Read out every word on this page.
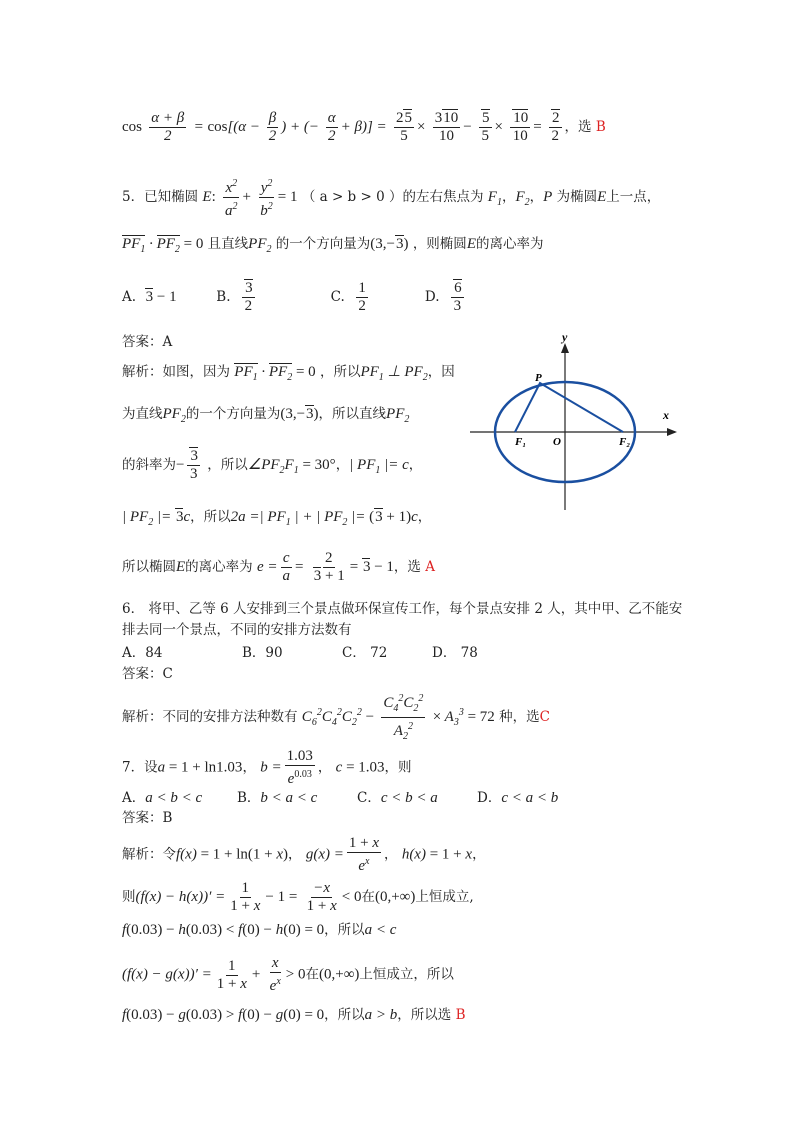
$\cos \frac{\alpha + \beta}{2} = \cos[(\alpha - \frac{\beta}{2}$ ) + (− $\frac{\alpha}{2} + \beta)] = \frac{25}{5} \times \frac{310}{10} - \frac{5}{5} \times \frac{10}{10} = \frac{2}{2}$ ，选 B
5．已知椭圆 E: $\frac{x^2}{a^2} + \frac{y^2}{b^2} = 1$ （ a > b > 0 ）的左右焦点为 $F_1$，$F_2$，P 为椭圆E上一点，
$PF_1 \cdot PF_2 = 0$ 且直线$PF_2$ 的一个方向量为(3,−3) ，则椭圆E的离心率为
A. 3 − 1	B. $\frac{3}{2}$	C. $\frac{1}{2}$	D. $\frac{6}{3}$
答案：A
解析：如图，因为 $PF_1 \cdot PF_2 = 0$ ，所以$PF_1$ ⊥ $PF_2$，因
为直线$PF_2$的一个方向量为(3,−3)，所以直线$PF_2$
的斜率为− $\frac{3}{3}$ ，所以$\angle PF_2F_1 = 30^\circ$，| $PF_1$ |= c，
| $PF_2$ |= 3c，所以2a =| $PF_1$ | + | $PF_2$ |= (3 + 1)c，
所以椭圆E的离心率为 $e = \frac{c}{a} = \frac{2}{3 + 1} = 3 - 1$，选 A
y
x
P
O
F₁	F₂
6． 将甲、乙等 6 人安排到三个景点做环保宣传工作，每个景点安排 2 人，其中甲、乙不能安
排去同一个景点，不同的安排方法数有
A．84	B．90	C． 72	D． 78
答案：C
解析：不同的安排方法种数有 $C_6^2C_4^2C_2^2 - \frac{C_4^2C_2^2}{A_2^2} \times A_3^3 = 72$ 种，选C
7．设a = 1 + ln1.03， $b = \frac{1.03}{e^{0.03}}$ ， c = 1.03，则
A．a < b < c	B．b < a < c	C．c < b < a	D．c < a < b
答案：B
解析：令f(x) = 1 + ln(1 + x)， $g(x) = \frac{1 + x}{e^x}$ ， h(x) = 1 + x，
则$(f(x) - h(x))' = \frac{1}{1 + x} - 1 = \frac{-x}{1 + x} < 0$在(0,+∞)上恒成立,
f(0.03) − h(0.03) < f(0) − h(0) = 0，所以a < c
$(f(x) - g(x))' = \frac{1}{1 + x} + \frac{x}{e^x} > 0$在(0,+∞)上恒成立，所以
f(0.03) − g(0.03) > f(0) − g(0) = 0，所以a > b，所以选 B
